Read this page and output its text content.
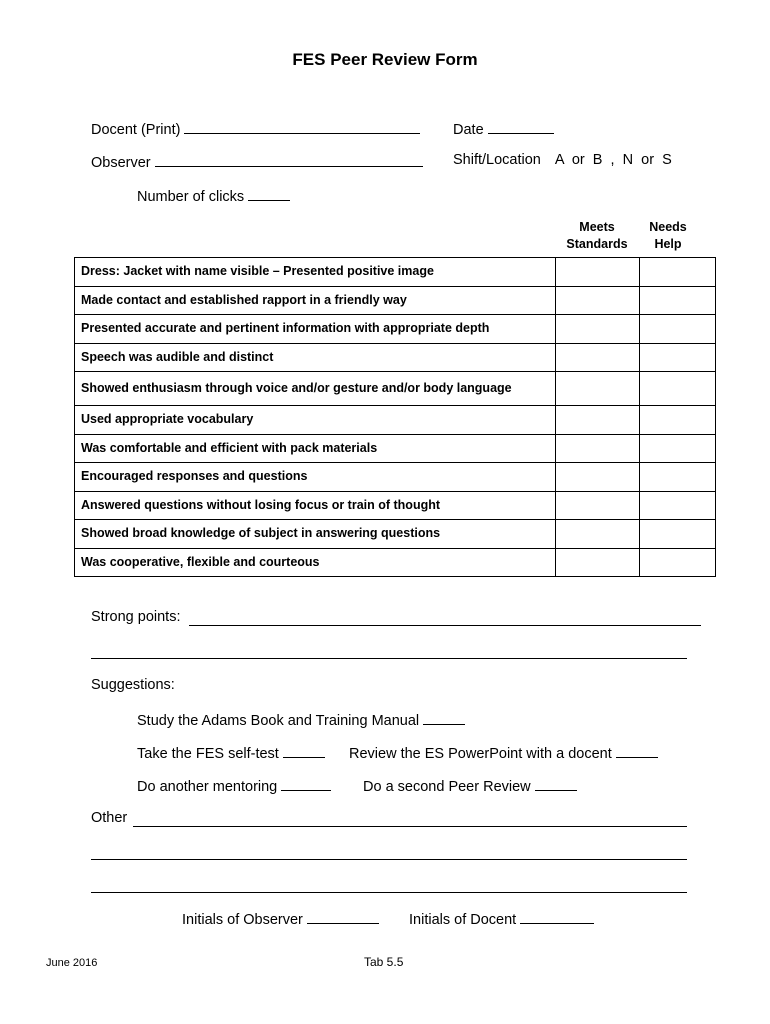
FES Peer Review Form
Docent (Print)	Date
Observer	Shift/Location A  or  B  ,  N  or  S
Number of clicks
Meets
Standards
Needs
Help
Dress: Jacket with name visible – Presented positive image		
Made contact and established rapport in a friendly way		
Presented accurate and pertinent information with appropriate depth		
Speech was audible and distinct		
Showed enthusiasm through voice and/or gesture and/or body language		
Used appropriate vocabulary		
Was comfortable and efficient with pack materials		
Encouraged responses and questions		
Answered questions without losing focus or train of thought		
Showed broad knowledge of subject in answering questions		
Was cooperative, flexible and courteous		
Strong points:
Suggestions:
Study the Adams Book and Training Manual
Take the FES self-test	Review the ES PowerPoint with a docent
Do another mentoring	Do a second Peer Review
Other
Initials of Observer	Initials of Docent
June 2016	Tab 5.5
